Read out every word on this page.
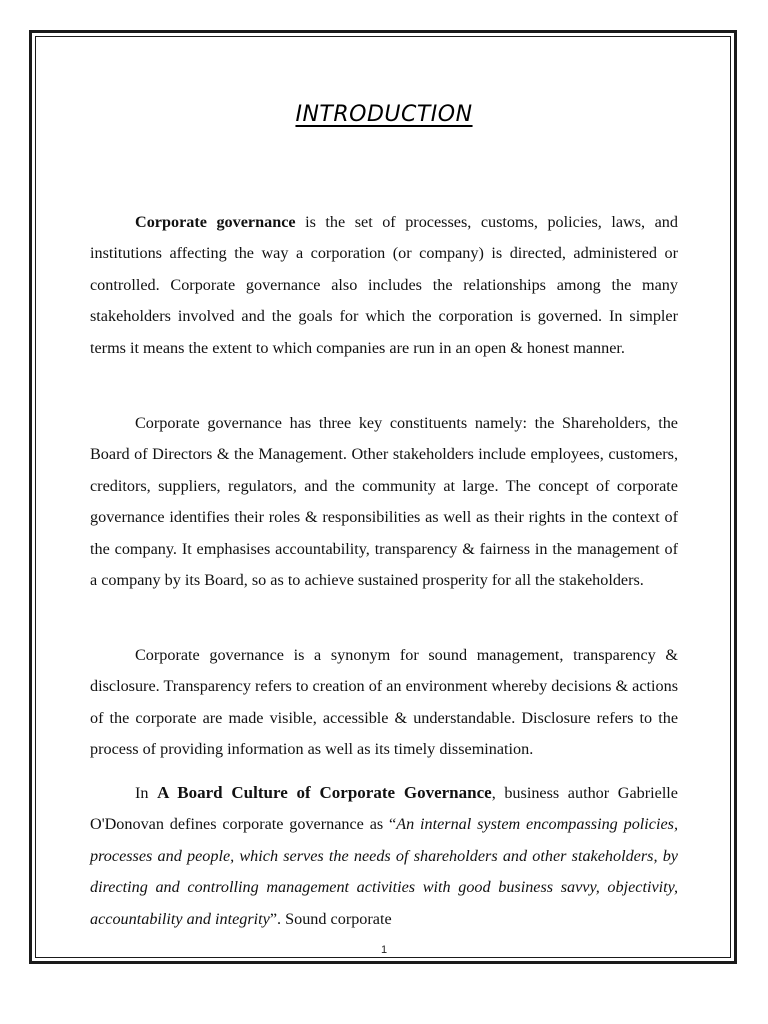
INTRODUCTION

Corporate governance is the set of processes, customs, policies, laws, and institutions affecting the way a corporation (or company) is directed, administered or controlled. Corporate governance also includes the relationships among the many stakeholders involved and the goals for which the corporation is governed. In simpler terms it means the extent to which companies are run in an open & honest manner.

Corporate governance has three key constituents namely: the Shareholders, the Board of Directors & the Management. Other stakeholders include employees, customers, creditors, suppliers, regulators, and the community at large. The concept of corporate governance identifies their roles & responsibilities as well as their rights in the context of the company. It emphasises accountability, transparency & fairness in the management of a company by its Board, so as to achieve sustained prosperity for all the stakeholders.

Corporate governance is a synonym for sound management, transparency & disclosure. Transparency refers to creation of an environment whereby decisions & actions of the corporate are made visible, accessible & understandable. Disclosure refers to the process of providing information as well as its timely dissemination.

In A Board Culture of Corporate Governance, business author Gabrielle O'Donovan defines corporate governance as “An internal system encompassing policies, processes and people, which serves the needs of shareholders and other stakeholders, by directing and controlling management activities with good business savvy, objectivity, accountability and integrity”. Sound corporate

1
